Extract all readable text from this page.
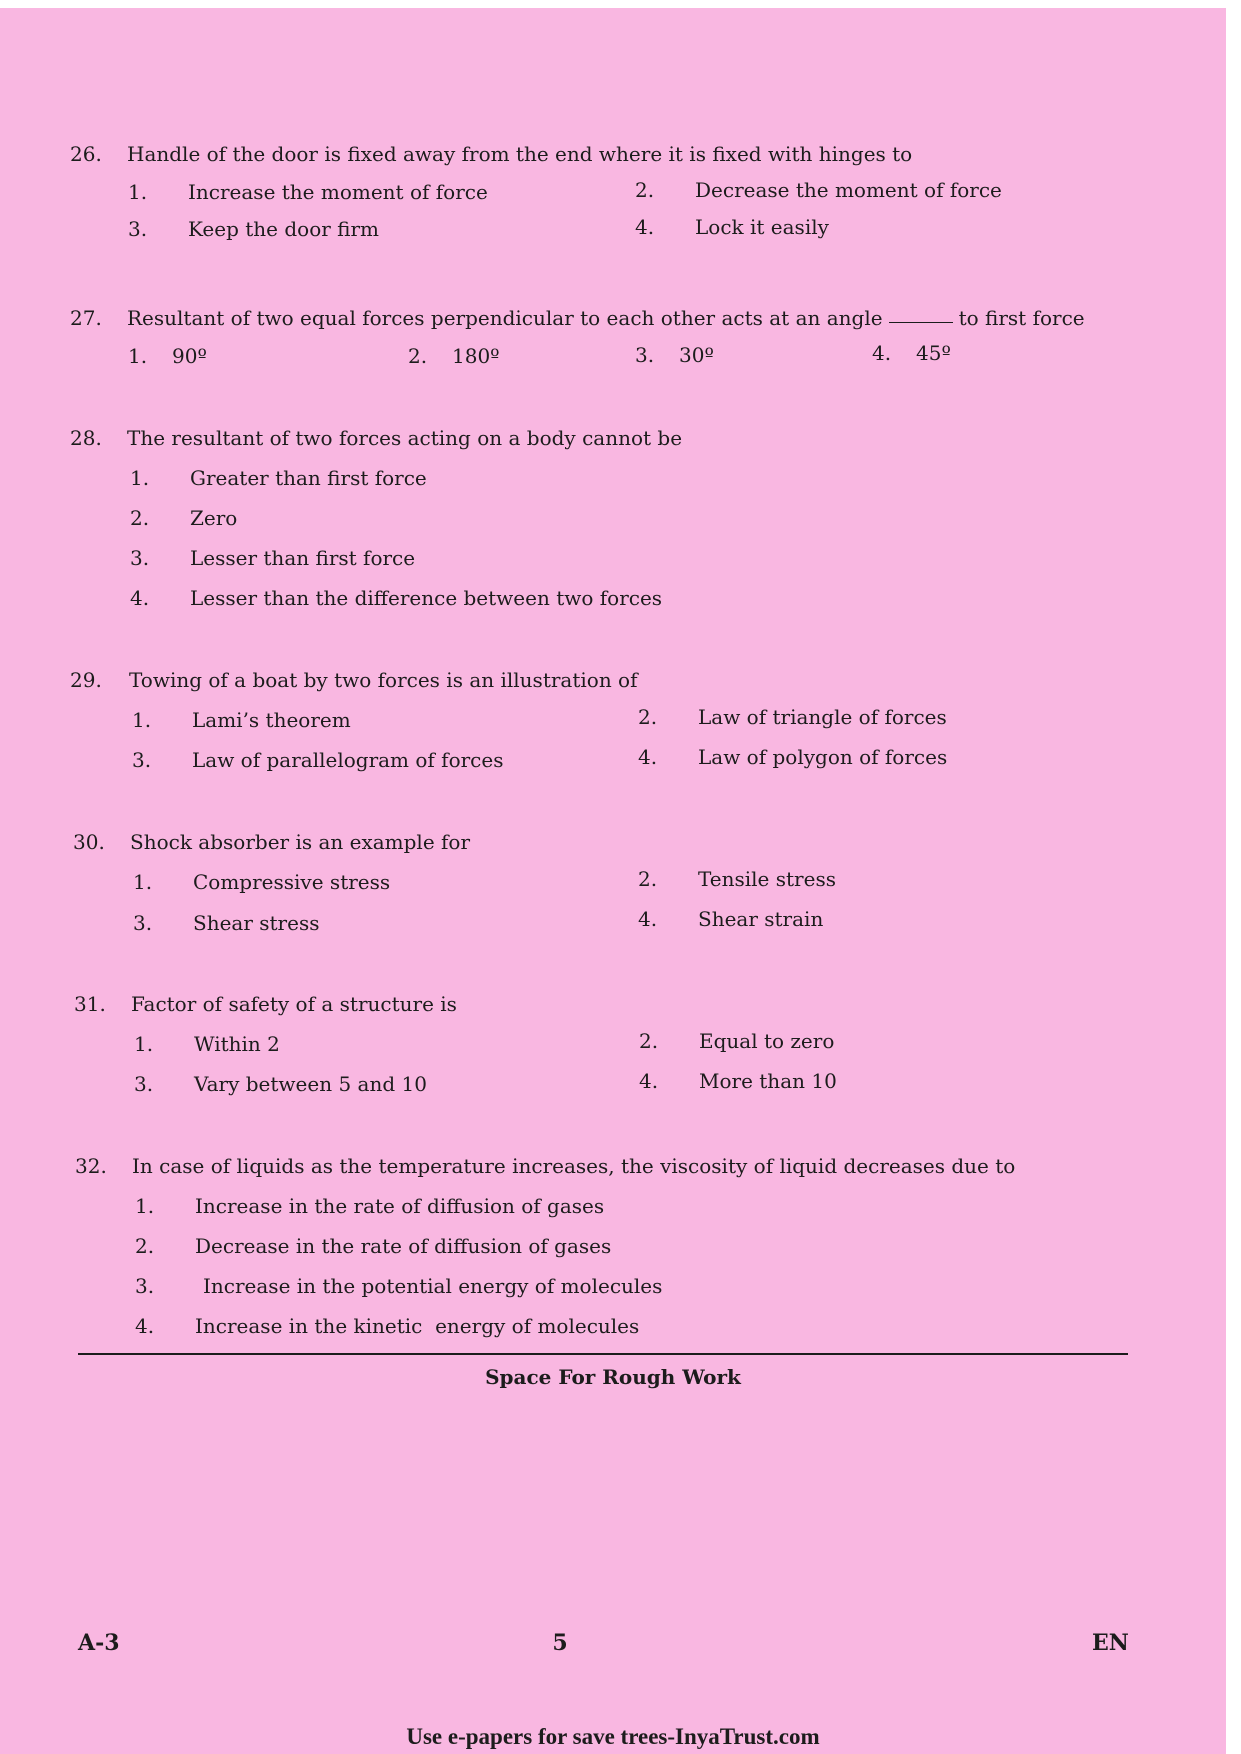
26. Handle of the door is fixed away from the end where it is fixed with hinges to
1. Increase the moment of force	2. Decrease the moment of force
3. Keep the door firm	4. Lock it easily
27. Resultant of two equal forces perpendicular to each other acts at an angle	to first force
1. 90º	2. 180º	3. 30º	4. 45º
28. The resultant of two forces acting on a body cannot be
1. Greater than first force
2. Zero
3. Lesser than first force
4. Lesser than the difference between two forces
29. Towing of a boat by two forces is an illustration of
1. Lami’s theorem	2. Law of triangle of forces
3. Law of parallelogram of forces	4. Law of polygon of forces
30. Shock absorber is an example for
1. Compressive stress	2. Tensile stress
3. Shear stress	4. Shear strain
31. Factor of safety of a structure is
1. Within 2	2. Equal to zero
3. Vary between 5 and 10	4. More than 10
32. In case of liquids as the temperature increases, the viscosity of liquid decreases due to
1. Increase in the rate of diffusion of gases
2. Decrease in the rate of diffusion of gases
3. Increase in the potential energy of molecules
4. Increase in the kinetic  energy of molecules
Space For Rough Work
A-3	5	EN
Use e-papers for save trees-InyaTrust.com
